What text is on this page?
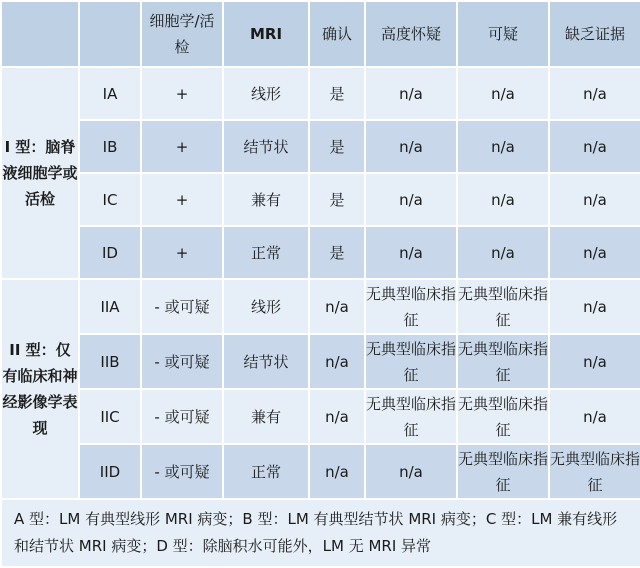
		细胞学/活检	MRI	确认	高度怀疑	可疑	缺乏证据
I 型：脑脊液细胞学或活检	IA	+	线形	是	n/a	n/a	n/a
	IB	+	结节状	是	n/a	n/a	n/a
	IC	+	兼有	是	n/a	n/a	n/a
	ID	+	正常	是	n/a	n/a	n/a
II 型：仅有临床和神经影像学表现	IIA	- 或可疑	线形	n/a	无典型临床指征	无典型临床指征	n/a
	IIB	- 或可疑	结节状	n/a	无典型临床指征	无典型临床指征	n/a
	IIC	- 或可疑	兼有	n/a	无典型临床指征	无典型临床指征	n/a
	IID	- 或可疑	正常	n/a	n/a	无典型临床指征	无典型临床指征
A 型：LM 有典型线形 MRI 病变；B 型：LM 有典型结节状 MRI 病变；C 型：LM 兼有线形和结节状 MRI 病变；D 型：除脑积水可能外，LM 无 MRI 异常							
